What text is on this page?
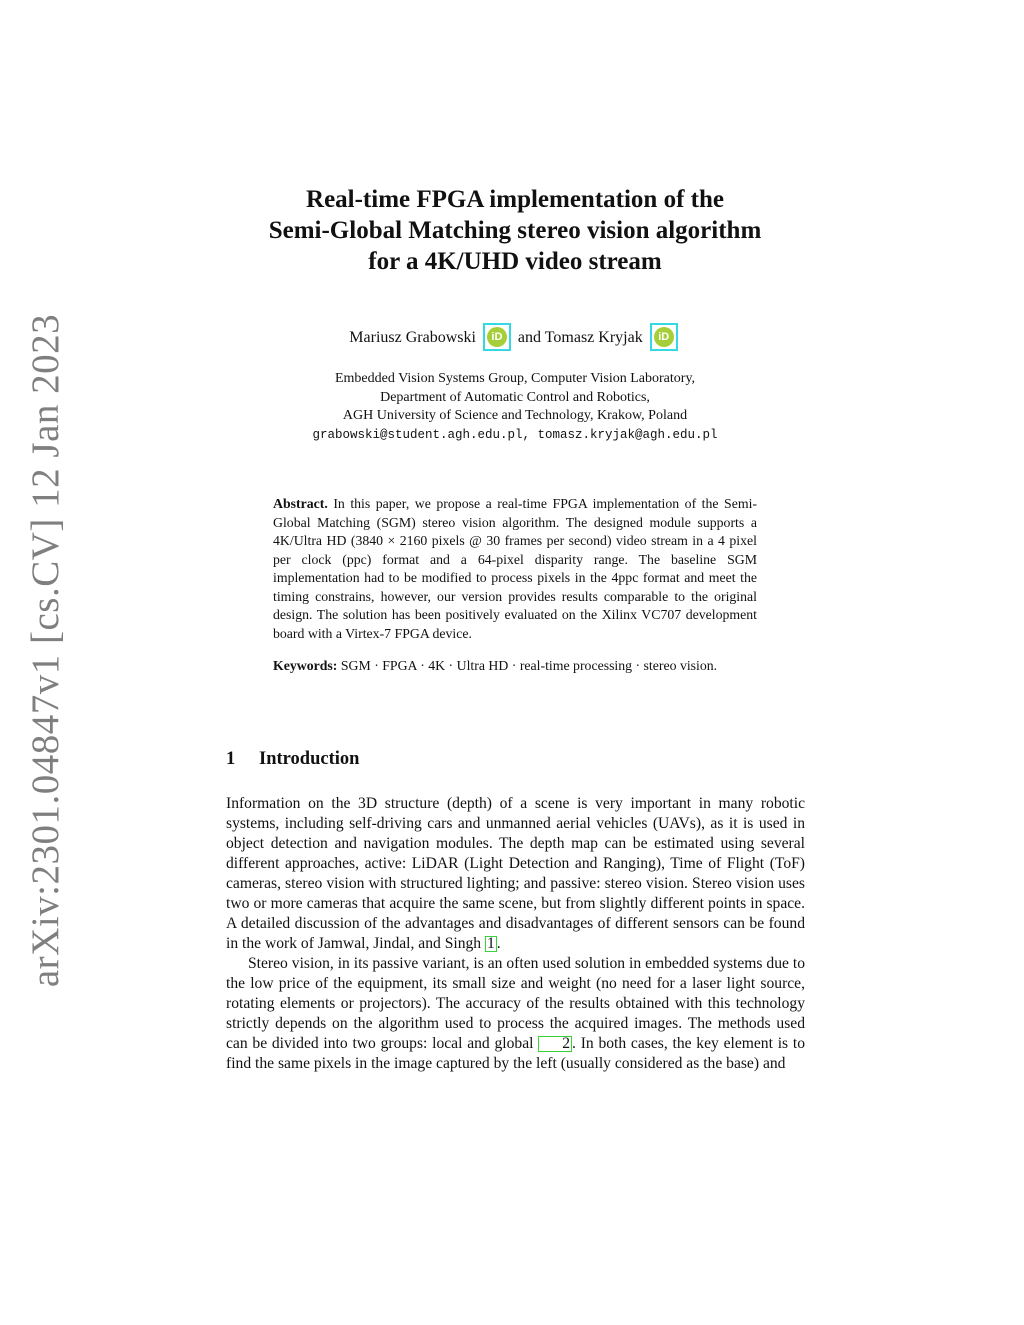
arXiv:2301.04847v1 [cs.CV] 12 Jan 2023

Real-time FPGA implementation of the

Semi-Global Matching stereo vision algorithm

for a 4K/UHD video stream

Mariusz Grabowski	iD and Tomasz Kryjak	iD

Embedded Vision Systems Group, Computer Vision Laboratory,

Department of Automatic Control and Robotics,

AGH University of Science and Technology, Krakow, Poland

grabowski@student.agh.edu.pl, tomasz.kryjak@agh.edu.pl

Abstract. In this paper, we propose a real-time FPGA implementation of the Semi-Global Matching (SGM) stereo vision algorithm. The designed module supports a 4K/Ultra HD (3840 × 2160 pixels @ 30 frames per second) video stream in a 4 pixel per clock (ppc) format and a 64-pixel disparity range. The baseline SGM implementation had to be modified to process pixels in the 4ppc format and meet the timing constrains, however, our version provides results comparable to the original design. The solution has been positively evaluated on the Xilinx VC707 development board with a Virtex-7 FPGA device.

Keywords: SGM · FPGA · 4K · Ultra HD · real-time processing · stereo vision.

1 Introduction

Information on the 3D structure (depth) of a scene is very important in many robotic systems, including self-driving cars and unmanned aerial vehicles (UAVs), as it is used in object detection and navigation modules. The depth map can be estimated using several different approaches, active: LiDAR (Light Detection and Ranging), Time of Flight (ToF) cameras, stereo vision with structured lighting; and passive: stereo vision. Stereo vision uses two or more cameras that acquire the same scene, but from slightly different points in space. A detailed discussion of the advantages and disadvantages of different sensors can be found in the work of Jamwal, Jindal, and Singh 1 .

Stereo vision, in its passive variant, is an often used solution in embedded systems due to the low price of the equipment, its small size and weight (no need for a laser light source, rotating elements or projectors). The accuracy of the results obtained with this technology strictly depends on the algorithm used to process the acquired images. The methods used can be divided into two groups: local and global 2 . In both cases, the key element is to find the same pixels in the image captured by the left (usually considered as the base) and
